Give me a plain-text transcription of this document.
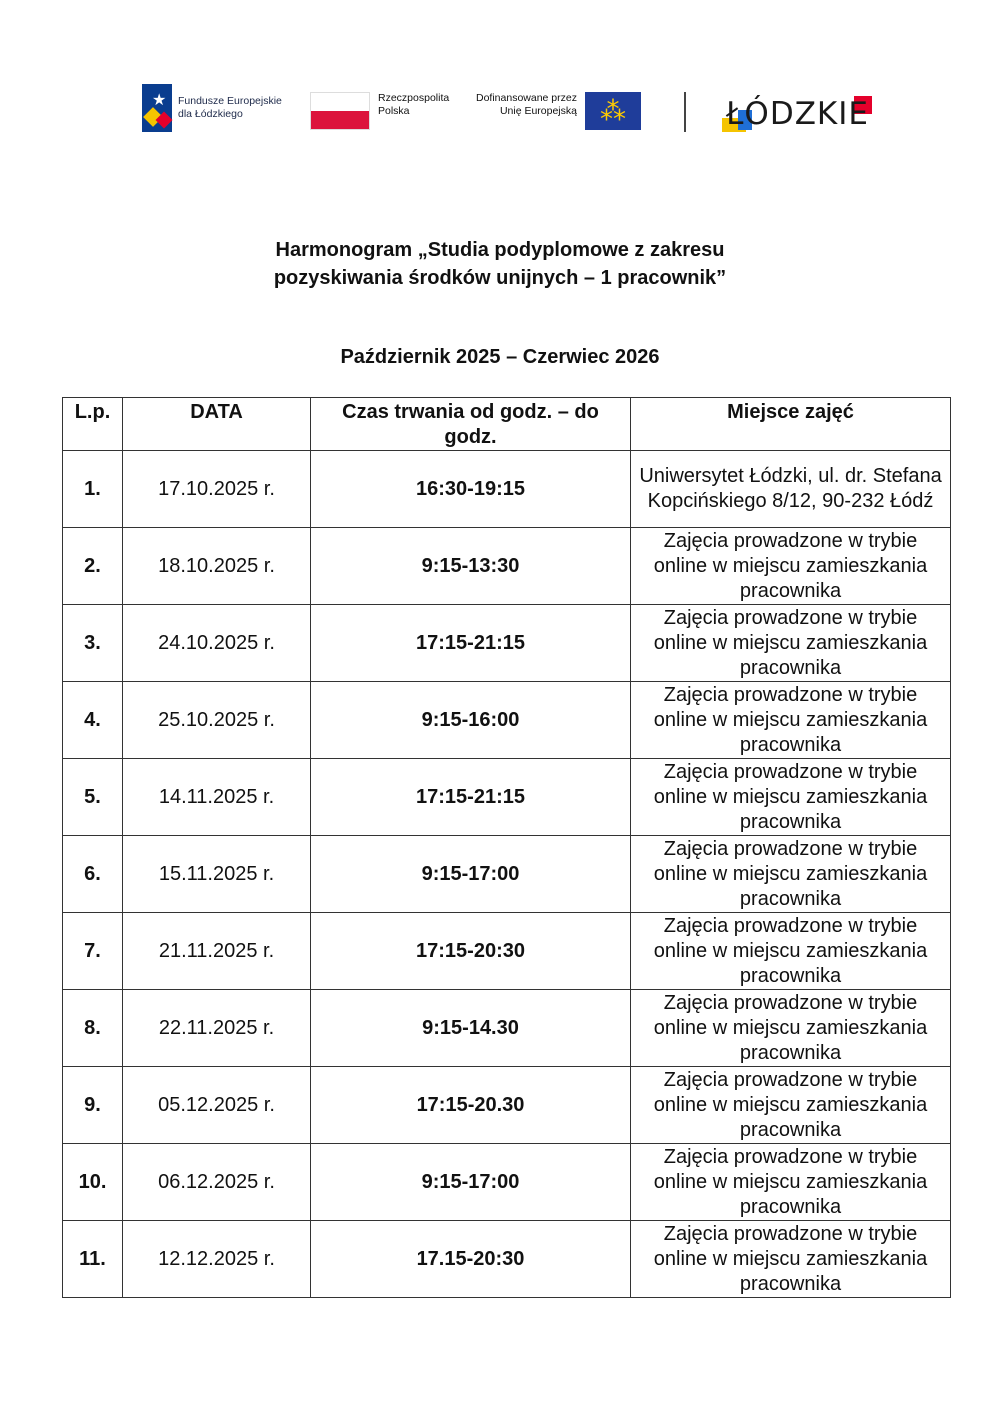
★ Fundusze Europejskie
dla Łódzkiego
Rzeczpospolita
Polska
Dofinansowane przez
Unię Europejską ⁂	ŁÓDZKIE
Harmonogram „Studia podyplomowe z zakresu
pozyskiwania środków unijnych – 1 pracownik”
Październik 2025 – Czerwiec 2026
L.p.	DATA	Czas trwania od godz. – do godz.	Miejsce zajęć
1.	17.10.2025 r.	16:30-19:15	Uniwersytet Łódzki, ul. dr. Stefana Kopcińskiego 8/12, 90-232 Łódź
2.	18.10.2025 r.	9:15-13:30	Zajęcia prowadzone w trybie online w miejscu zamieszkania pracownika
3.	24.10.2025 r.	17:15-21:15	Zajęcia prowadzone w trybie online w miejscu zamieszkania pracownika
4.	25.10.2025 r.	9:15-16:00	Zajęcia prowadzone w trybie online w miejscu zamieszkania pracownika
5.	14.11.2025 r.	17:15-21:15	Zajęcia prowadzone w trybie online w miejscu zamieszkania pracownika
6.	15.11.2025 r.	9:15-17:00	Zajęcia prowadzone w trybie online w miejscu zamieszkania pracownika
7.	21.11.2025 r.	17:15-20:30	Zajęcia prowadzone w trybie online w miejscu zamieszkania pracownika
8.	22.11.2025 r.	9:15-14.30	Zajęcia prowadzone w trybie online w miejscu zamieszkania pracownika
9.	05.12.2025 r.	17:15-20.30	Zajęcia prowadzone w trybie online w miejscu zamieszkania pracownika
10.	06.12.2025 r.	9:15-17:00	Zajęcia prowadzone w trybie online w miejscu zamieszkania pracownika
11.	12.12.2025 r.	17.15-20:30	Zajęcia prowadzone w trybie online w miejscu zamieszkania pracownika
